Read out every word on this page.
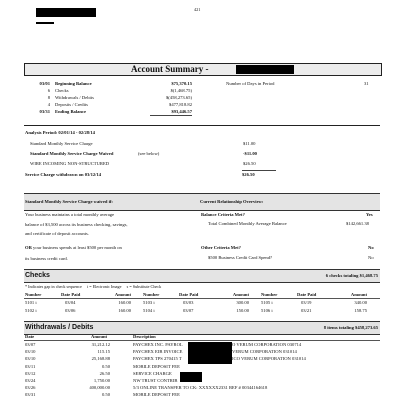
421
Account Summary -
03/01 Beginning Balance	$75,370.15
6 Checks	$(1,468.75)
8 Withdrawals / Debits	$(458,273.65)
4 Deposits / Credits	$477,818.82
03/31 Ending Balance	$93,446.57
Number of Days in Period	31
Analysis Period: 02/01/14 - 02/28/14
Standard Monthly Service Charge	$11.00
Standard Monthly Service Charge Waived	(see below)	-$11.00
WIRE INCOMING NON-STRUCTURED	$26.50
Service Charge withdrawn on 03/12/14	$26.50
Standard Monthly Service Charge waived if:	Current Relationship Overview:
Your business maintains a total monthly average
balance of $3,500 across its business checking, savings,
and certificate of deposit accounts.
Balance Criteria Met?	Yes
Total Combined Monthly Average Balance	$142,661.38
OR your business spends at least $500 per month on
its business credit card.
Other Criteria Met?	No
$500 Business Credit Card Spend?	No
Checks	6 checks totaling $1,468.75
* Indicates gap in check sequence     i = Electronic Image     s = Substitute Check
Number	Date Paid	Amount	Number	Date Paid	Amount	Number	Date Paid	Amount
5101 i	03/04	160.00	5103 i	03/03	300.00	5105 i	03/19	340.00
5102 i	03/06	160.00	5104 i	03/07	150.00	5106 i	03/21	158.75
Withdrawals / Debits	8 items totaling $458,273.65
Date	Amount	Description
03/07	31,212.12	PAYCHEX INC. PAYROL	O VERUM CORPORATION 030714
03/10	115.15	PAYCHEX EIB INVOICE	VERUM CORPORATION 031014
03/10	25,168.88	PAYCHEX TPS 270415 T	ICO VERUM CORPORATION 031014
03/11	0.50	MOBILE DEPOSIT FEE
03/12	26.50	SERVICE CHARGE
03/24	1,750.00	NW TRUST CONTRIB
03/26	400,000.00	5/3 ONLINE TRANSFER TO CK: XXXXXX2331 REF # 00344164618
03/31	0.50	MOBILE DEPOSIT FEE
